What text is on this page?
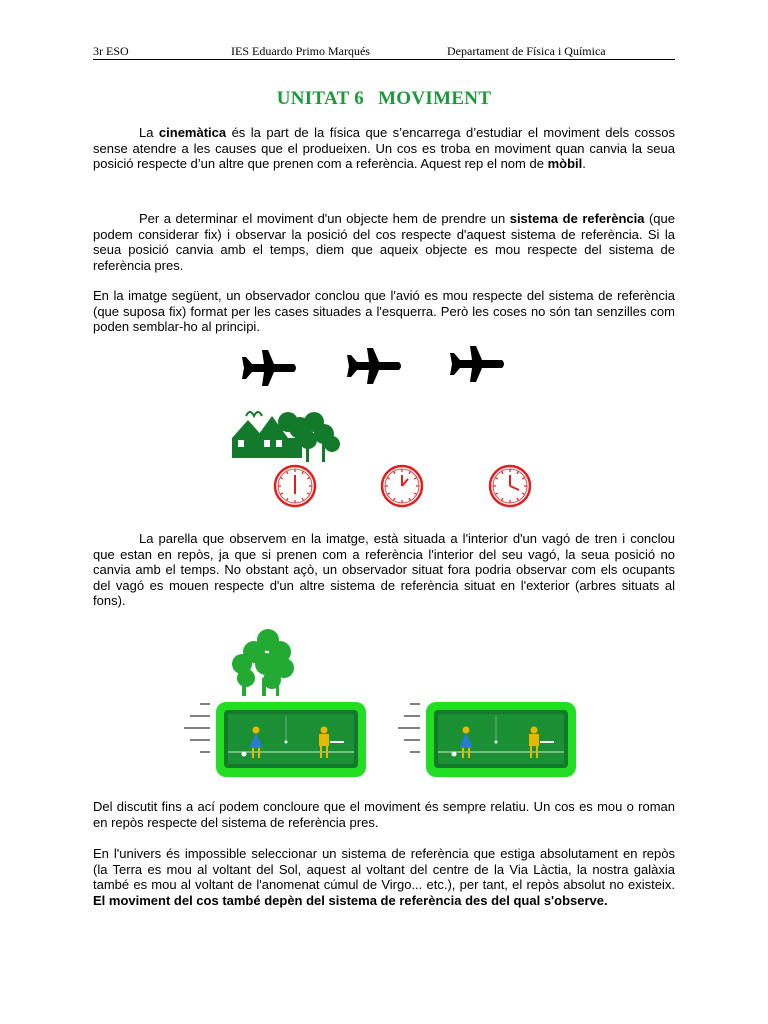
3r ESO	IES Eduardo Primo Marqués	Departament de Física i Química
UNITAT 6 MOVIMENT

La cinemàtica és la part de la física que s’encarrega d’estudiar el moviment dels cossos sense atendre a les causes que el produeixen. Un cos es troba en moviment quan canvia la seua posició respecte d’un altre que prenen com a referència. Aquest rep el nom de mòbil.

Per a determinar el moviment d'un objecte hem de prendre un sistema de referència (que podem considerar fix) i observar la posició del cos respecte d'aquest sistema de referència. Si la seua posició canvia amb el temps, diem que aqueix objecte es mou respecte del sistema de referència pres.

En la imatge següent, un observador conclou que l'avió es mou respecte del sistema de referència (que suposa fix) format per les cases situades a l'esquerra. Però les coses no són tan senzilles com poden semblar-ho al principi.

La parella que observem en la imatge, està situada a l'interior d'un vagó de tren i conclou que estan en repòs, ja que si prenen com a referència l'interior del seu vagó, la seua posició no canvia amb el temps. No obstant açò, un observador situat fora podria observar com els ocupants del vagó es mouen respecte d'un altre sistema de referència situat en l'exterior (arbres situats al fons).

Del discutit fins a ací podem concloure que el moviment és sempre relatiu. Un cos es mou o roman en repòs respecte del sistema de referència pres.

En l'univers és impossible seleccionar un sistema de referència que estiga absolutament en repòs (la Terra es mou al voltant del Sol, aquest al voltant del centre de la Via Làctia, la nostra galàxia també es mou al voltant de l'anomenat cúmul de Virgo... etc.), per tant, el repòs absolut no existeix. El moviment del cos també depèn del sistema de referència des del qual s'observe.
